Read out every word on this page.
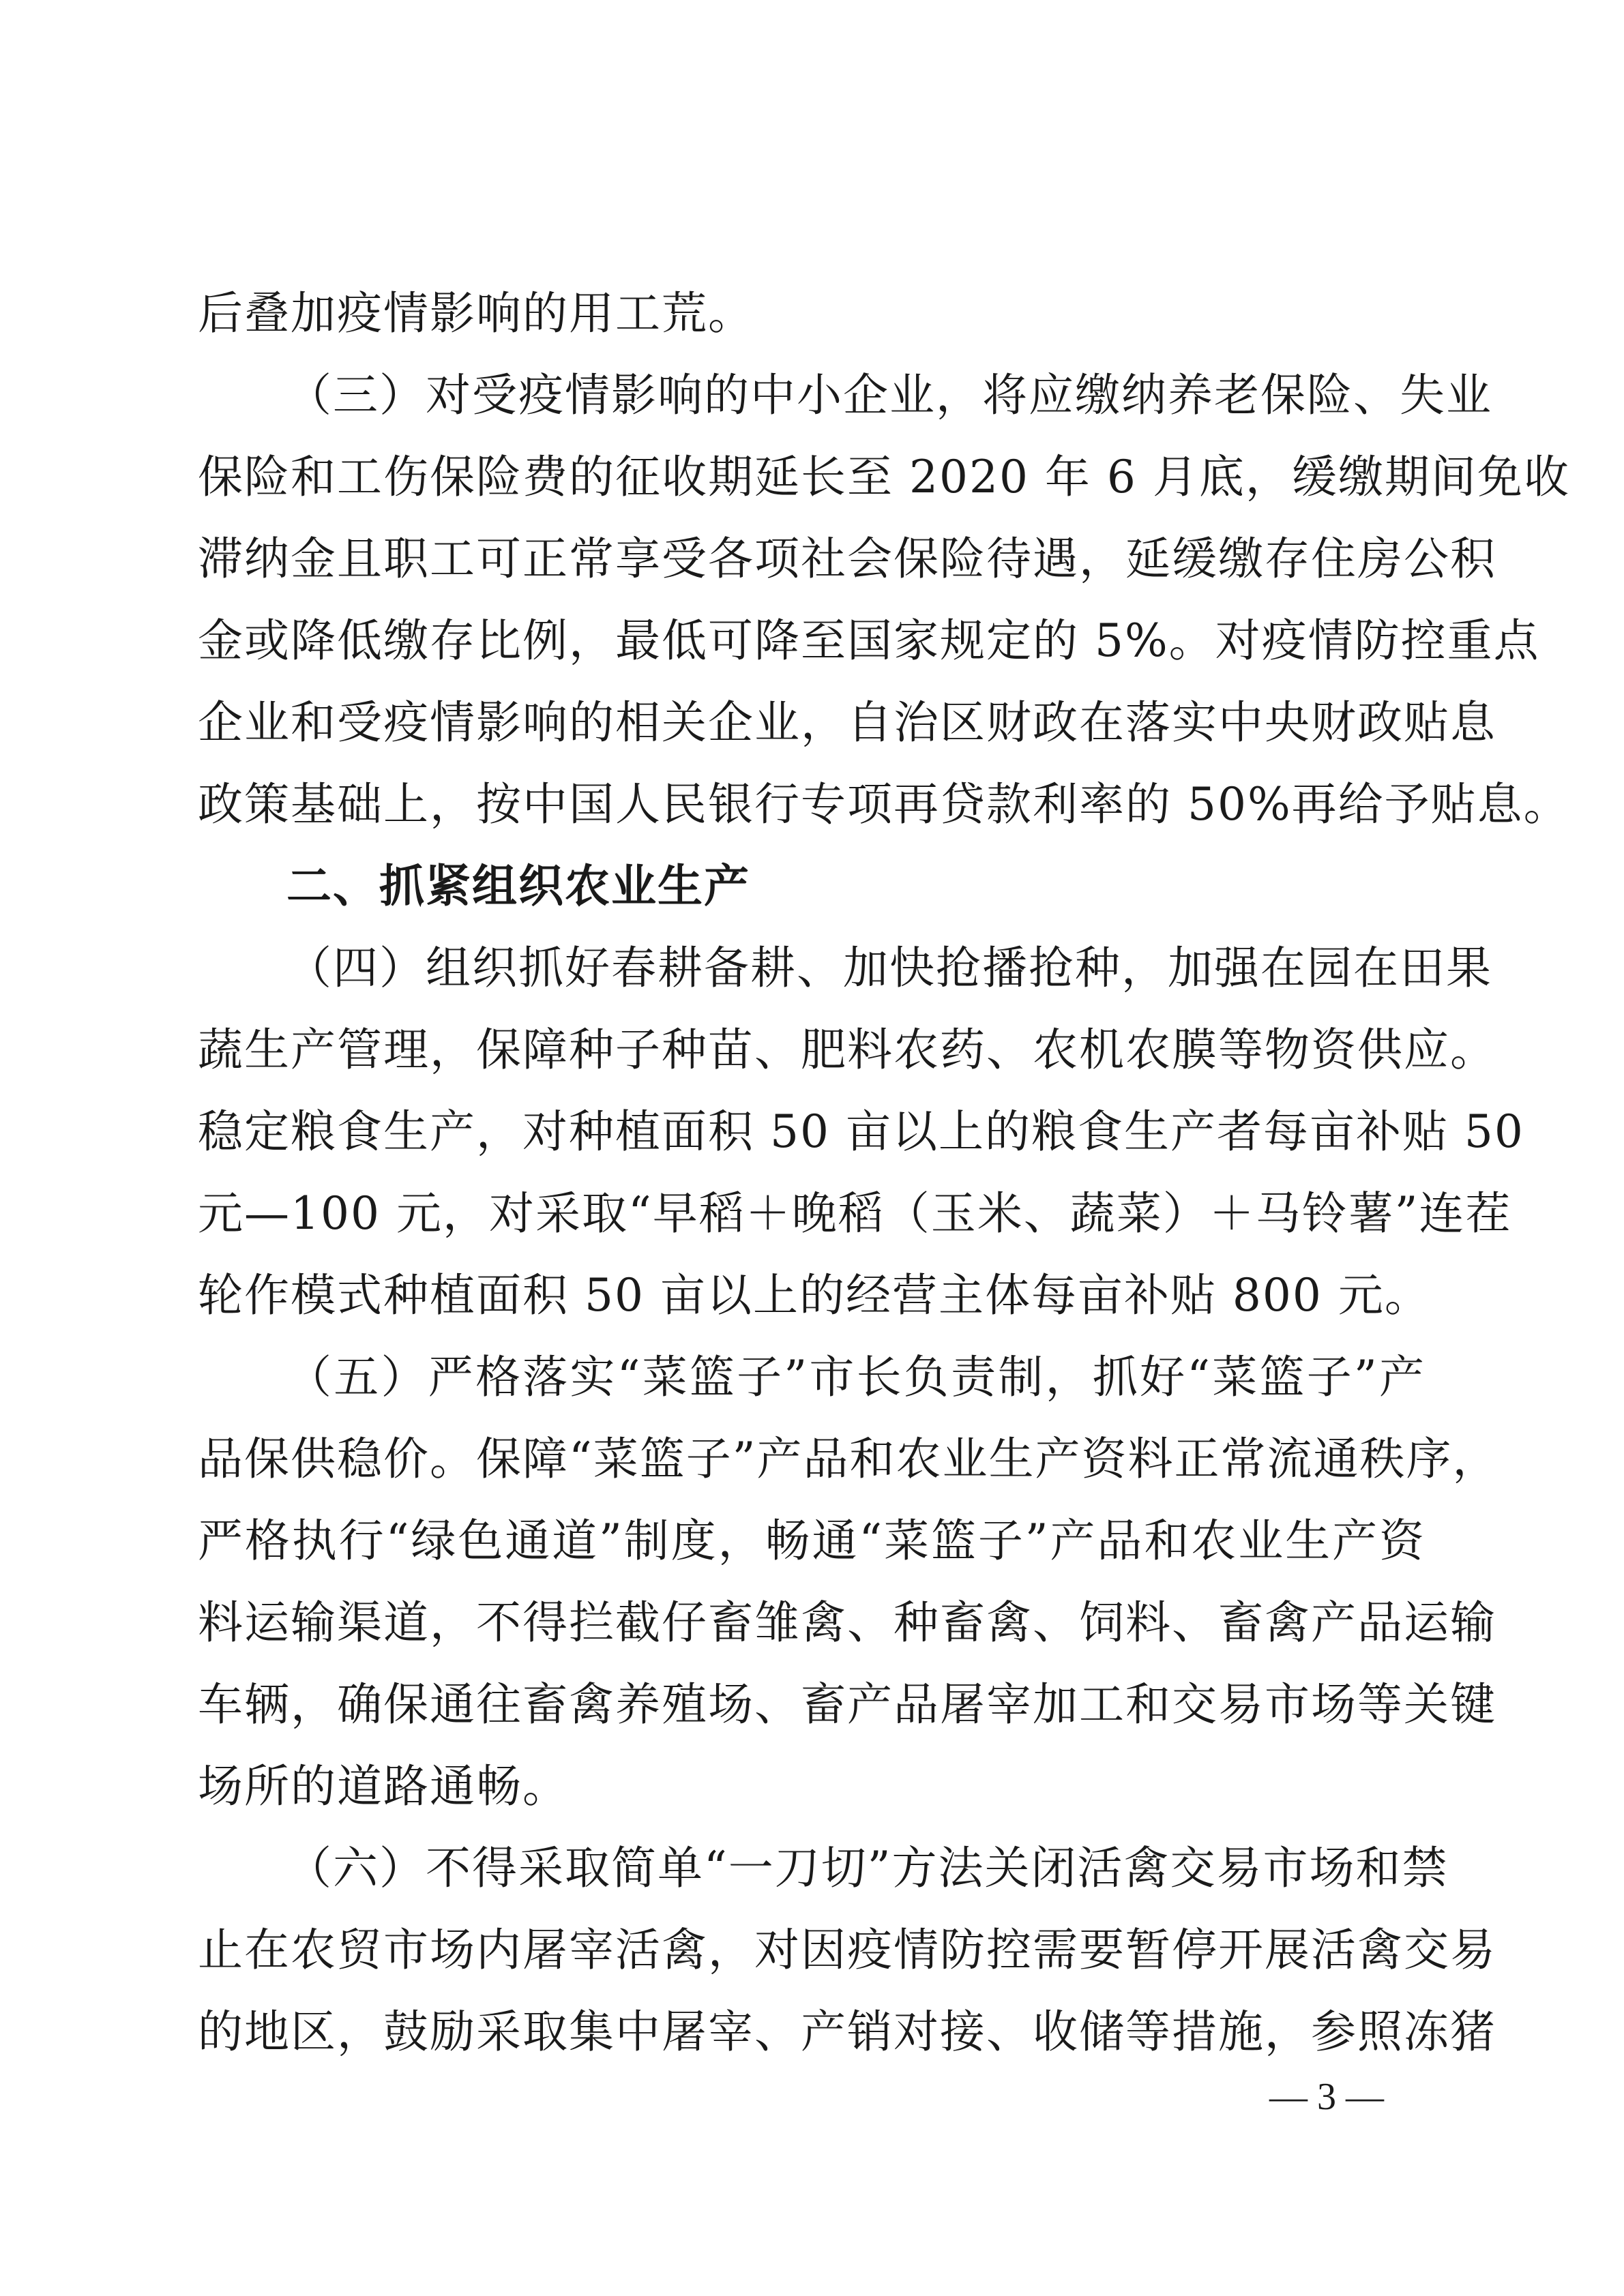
后叠加疫情影响的用工荒。
（三）对受疫情影响的中小企业，将应缴纳养老保险、失业
保险和工伤保险费的征收期延长至 2020 年 6 月底，缓缴期间免收
滞纳金且职工可正常享受各项社会保险待遇，延缓缴存住房公积
金或降低缴存比例，最低可降至国家规定的 5%。对疫情防控重点
企业和受疫情影响的相关企业，自治区财政在落实中央财政贴息
政策基础上，按中国人民银行专项再贷款利率的 50%再给予贴息。
二、抓紧组织农业生产
（四）组织抓好春耕备耕、加快抢播抢种，加强在园在田果
蔬生产管理，保障种子种苗、肥料农药、农机农膜等物资供应。
稳定粮食生产，对种植面积 50 亩以上的粮食生产者每亩补贴 50
元—100 元，对采取“早稻＋晚稻（玉米、蔬菜）＋马铃薯”连茬
轮作模式种植面积 50 亩以上的经营主体每亩补贴 800 元。
（五）严格落实“菜篮子”市长负责制，抓好“菜篮子”产
品保供稳价。保障“菜篮子”产品和农业生产资料正常流通秩序，
严格执行“绿色通道”制度，畅通“菜篮子”产品和农业生产资
料运输渠道，不得拦截仔畜雏禽、种畜禽、饲料、畜禽产品运输
车辆，确保通往畜禽养殖场、畜产品屠宰加工和交易市场等关键
场所的道路通畅。
（六）不得采取简单“一刀切”方法关闭活禽交易市场和禁
止在农贸市场内屠宰活禽，对因疫情防控需要暂停开展活禽交易
的地区，鼓励采取集中屠宰、产销对接、收储等措施，参照冻猪
— 3 —
